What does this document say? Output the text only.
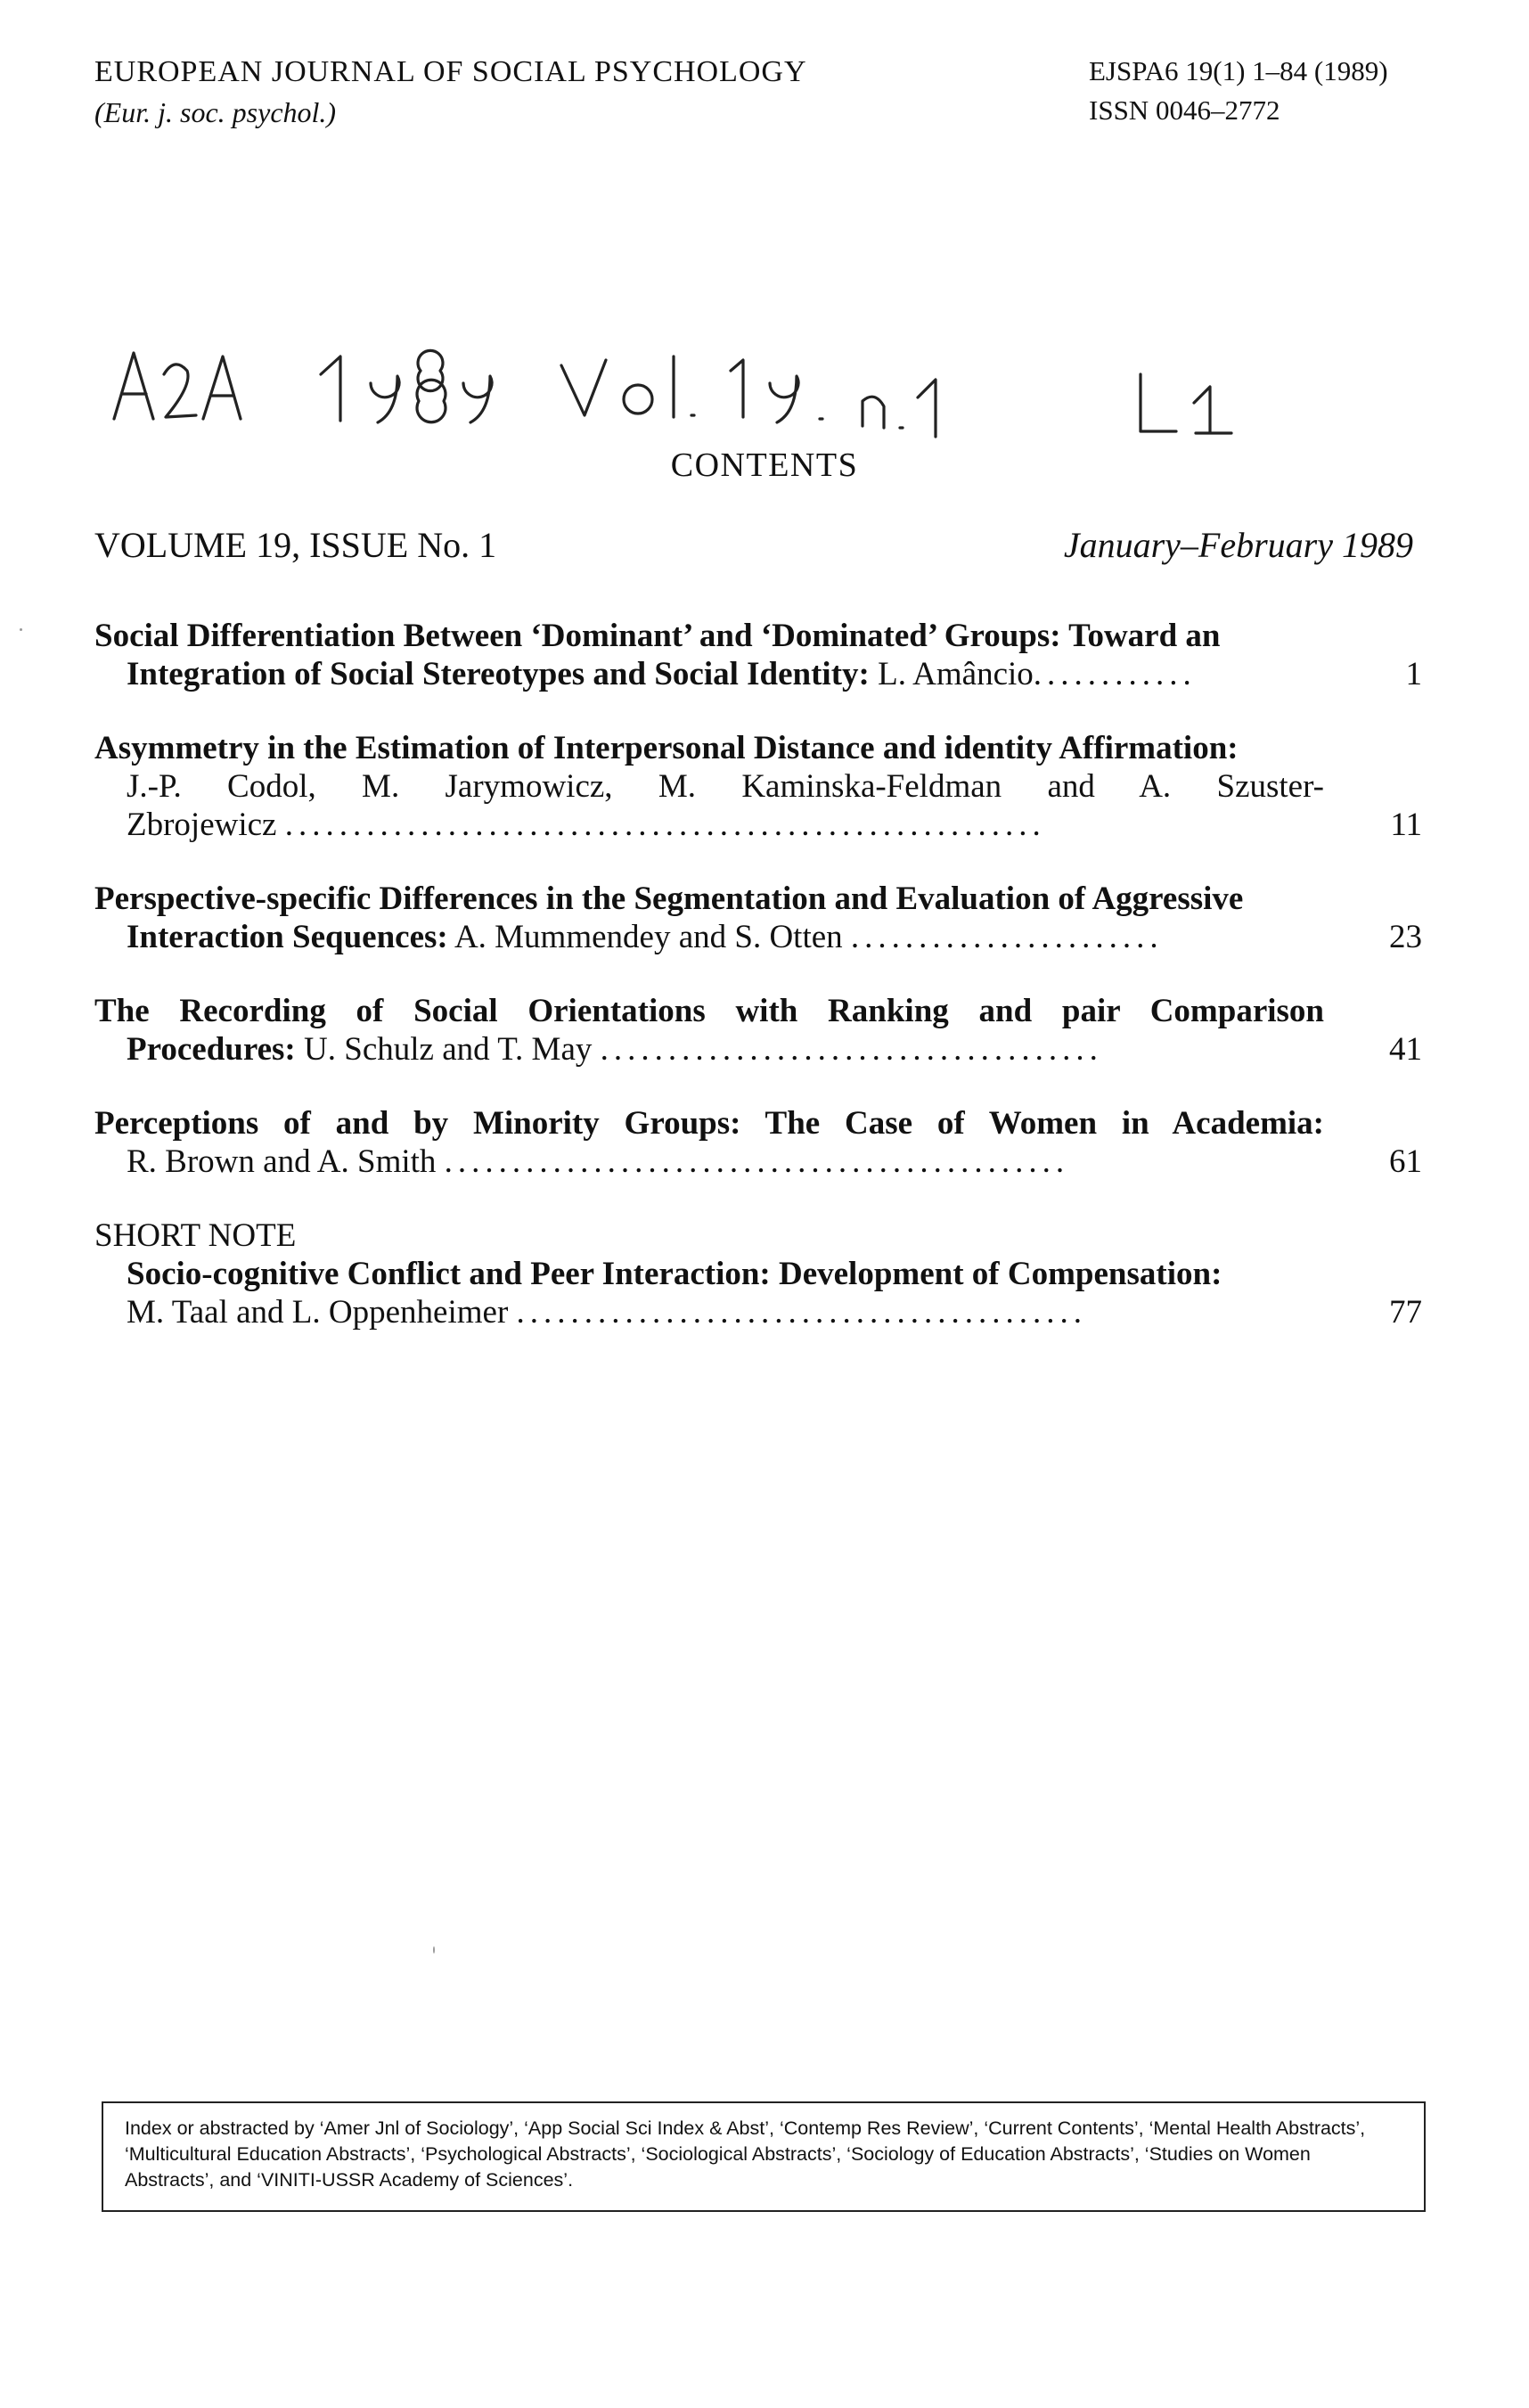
EUROPEAN JOURNAL OF SOCIAL PSYCHOLOGY
(Eur. j. soc. psychol.)
EJSPA6 19(1) 1–84 (1989)
ISSN 0046–2772
CONTENTS
VOLUME 19, ISSUE No. 1	January–February 1989
Social Differentiation Between ‘Dominant’ and ‘Dominated’ Groups: Toward an
Integration of Social Stereotypes and Social Identity: L. Amâncio............	1
Asymmetry in the Estimation of Interpersonal Distance and identity Affirmation:
J.-P. Codol, M. Jarymowicz, M. Kaminska-Feldman and A. Szuster-
Zbrojewicz ........................................................	11
Perspective-specific Differences in the Segmentation and Evaluation of Aggressive
Interaction Sequences: A. Mummendey and S. Otten .......................	23
The Recording of Social Orientations with Ranking and pair Comparison
Procedures: U. Schulz and T. May .....................................	41
Perceptions of and by Minority Groups: The Case of Women in Academia:
R. Brown and A. Smith ..............................................	61
SHORT NOTE
Socio-cognitive Conflict and Peer Interaction: Development of Compensation:
M. Taal and L. Oppenheimer ..........................................	77
Index or abstracted by ‘Amer Jnl of Sociology’, ‘App Social Sci Index & Abst’, ‘Contemp Res Review’, ‘Current Contents’, ‘Mental Health Abstracts’, ‘Multicultural Education Abstracts’, ‘Psychological Abstracts’, ‘Sociological Abstracts’, ‘Sociology of Education Abstracts’, ‘Studies on Women Abstracts’, and ‘VINITI-USSR Academy of Sciences’.
